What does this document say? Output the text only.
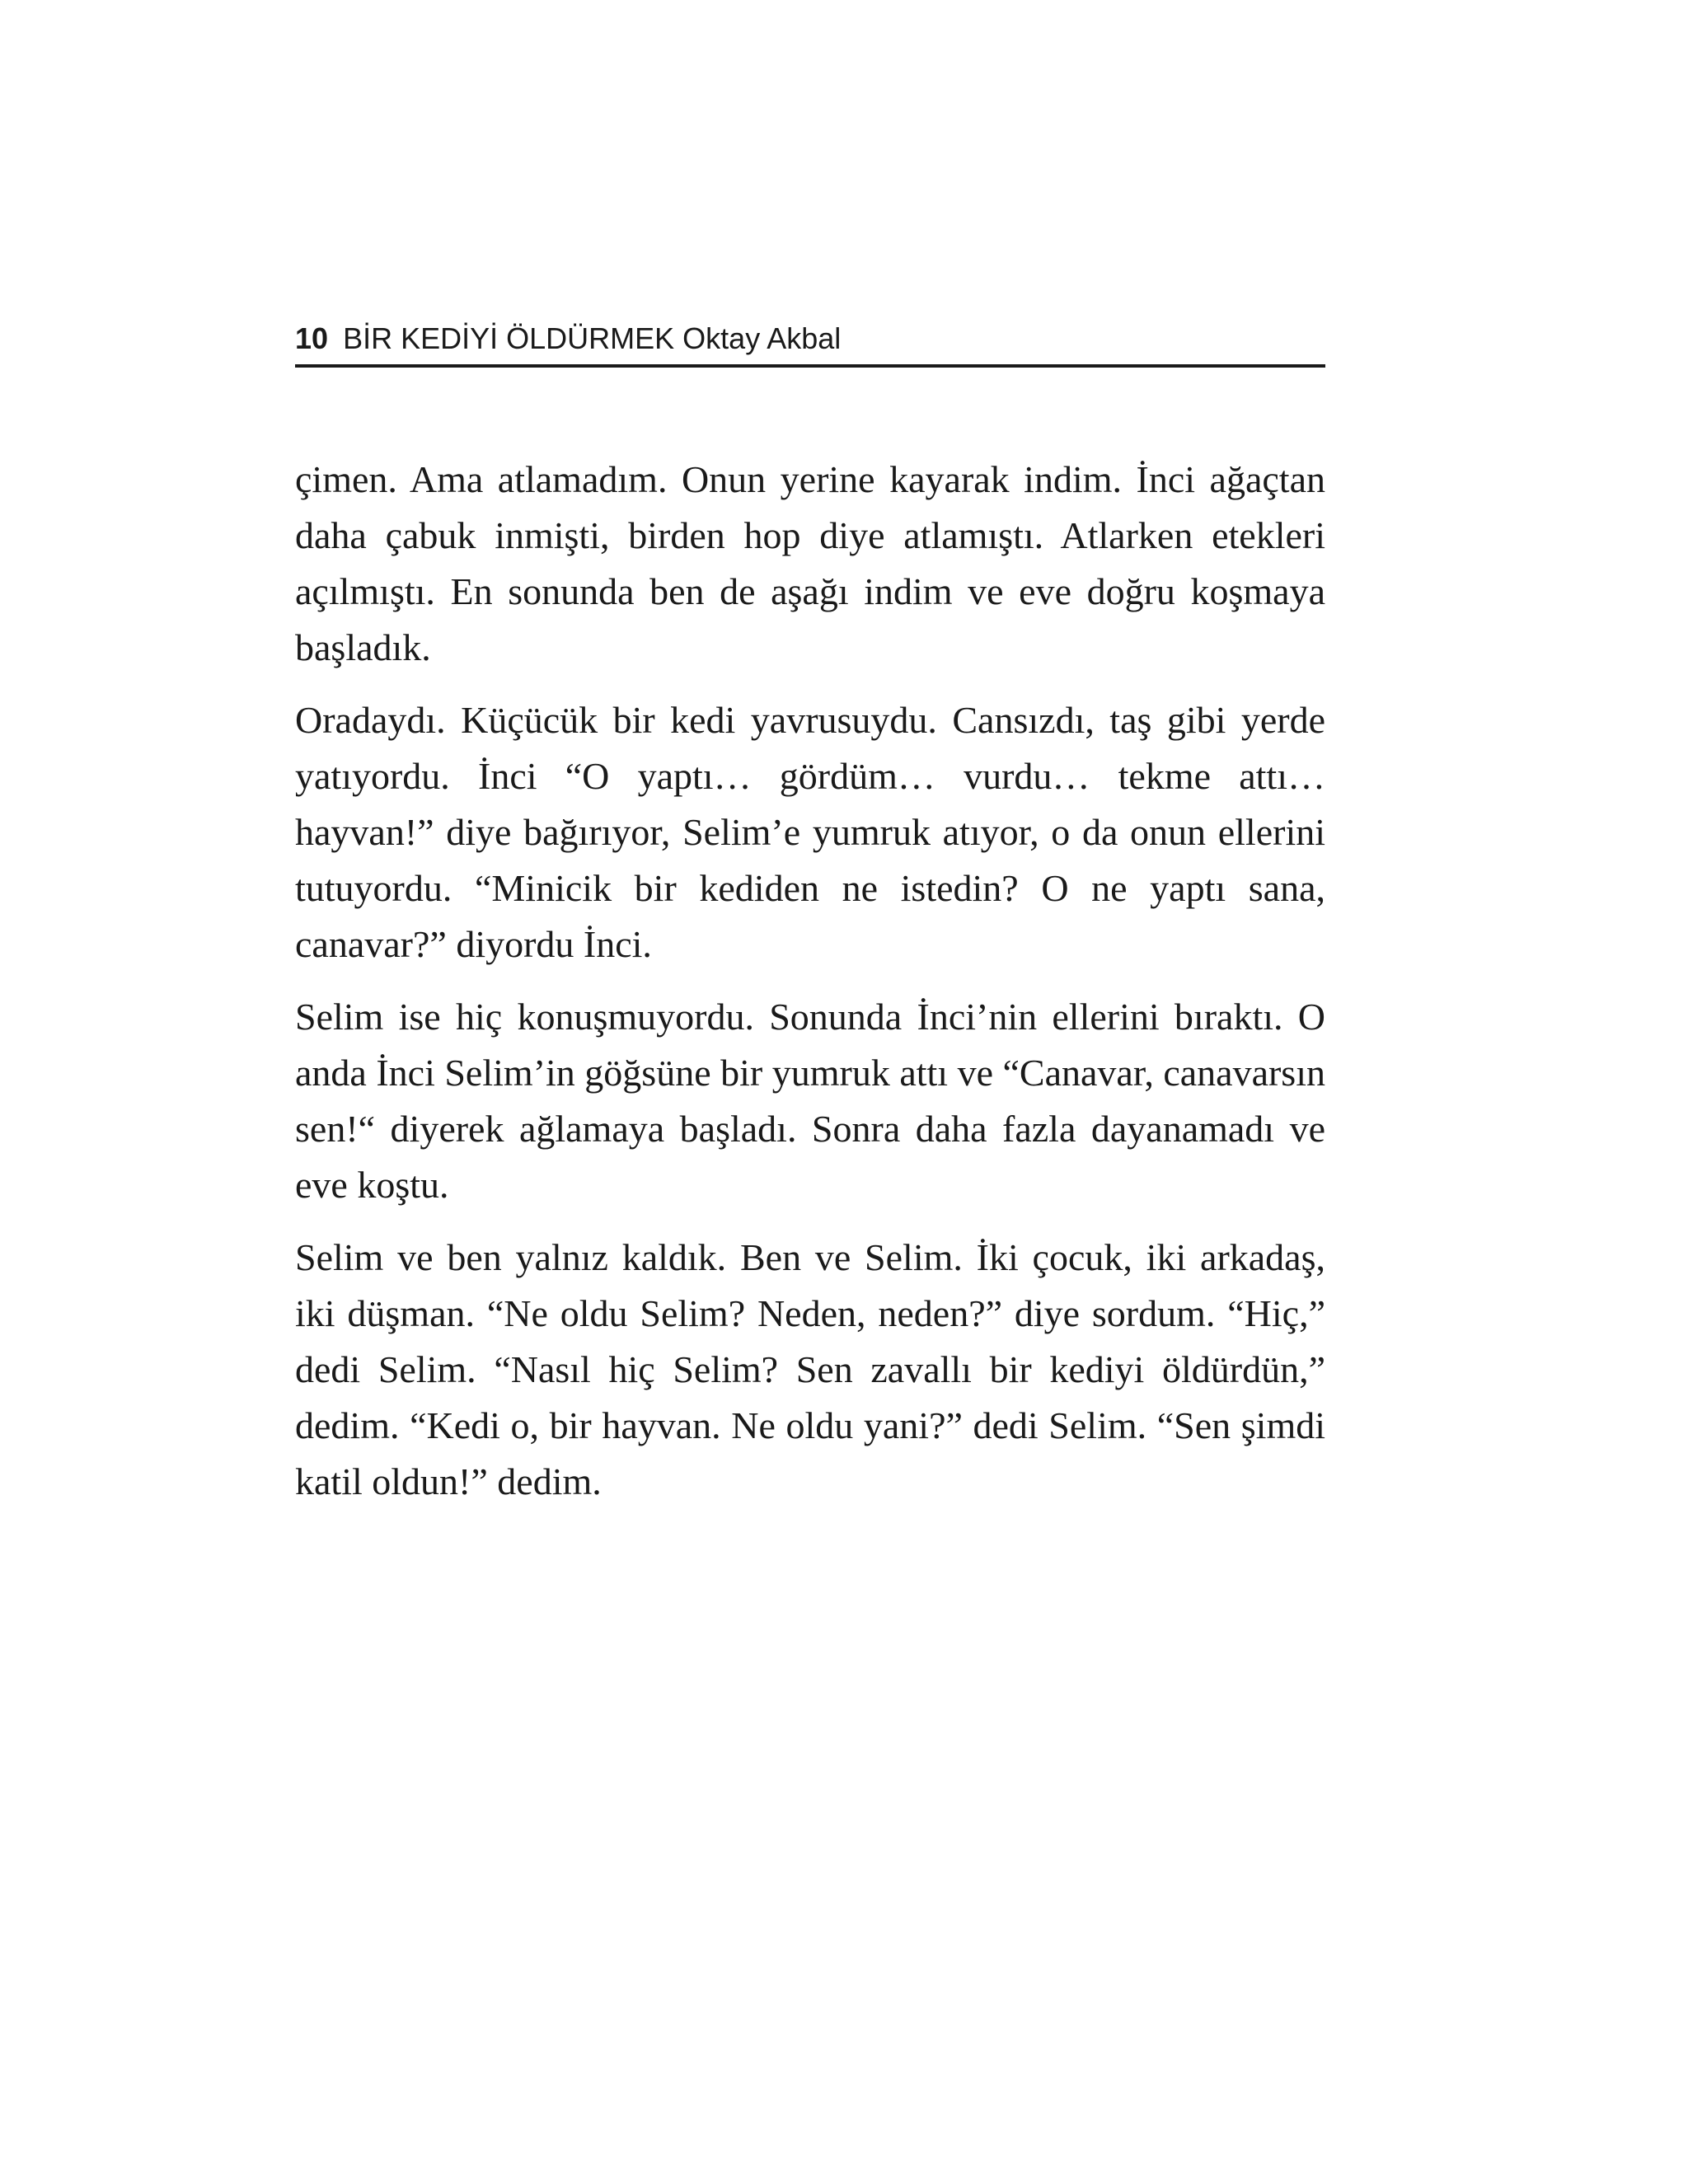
10 BİR KEDİYİ ÖLDÜRMEK Oktay Akbal

çimen. Ama atlamadım. Onun yerine kayarak indim. İnci ağaçtan daha çabuk inmişti, birden hop diye atlamıştı. Atlarken etekleri açılmıştı. En sonunda ben de aşağı indim ve eve doğru koşmaya başladık.

Oradaydı. Küçücük bir kedi yavrusuydu. Cansızdı, taş gibi yerde yatıyordu. İnci “O yaptı… gördüm… vurdu… tekme attı… hayvan!” diye bağırıyor, Selim’e yumruk atıyor, o da onun ellerini tutuyordu. “Minicik bir kediden ne istedin? O ne yaptı sana, canavar?” diyordu İnci.

Selim ise hiç konuşmuyordu. Sonunda İnci’nin ellerini bıraktı. O anda İnci Selim’in göğsüne bir yumruk attı ve “Canavar, canavarsın sen!“ diyerek ağlamaya başladı. Sonra daha fazla dayanamadı ve eve koştu.

Selim ve ben yalnız kaldık. Ben ve Selim. İki çocuk, iki arkadaş, iki düşman. “Ne oldu Selim? Neden, neden?” diye sordum. “Hiç,” dedi Selim. “Nasıl hiç Selim? Sen zavallı bir kediyi öldürdün,” dedim. “Kedi o, bir hayvan. Ne oldu yani?” dedi Selim. “Sen şimdi katil oldun!” dedim.
